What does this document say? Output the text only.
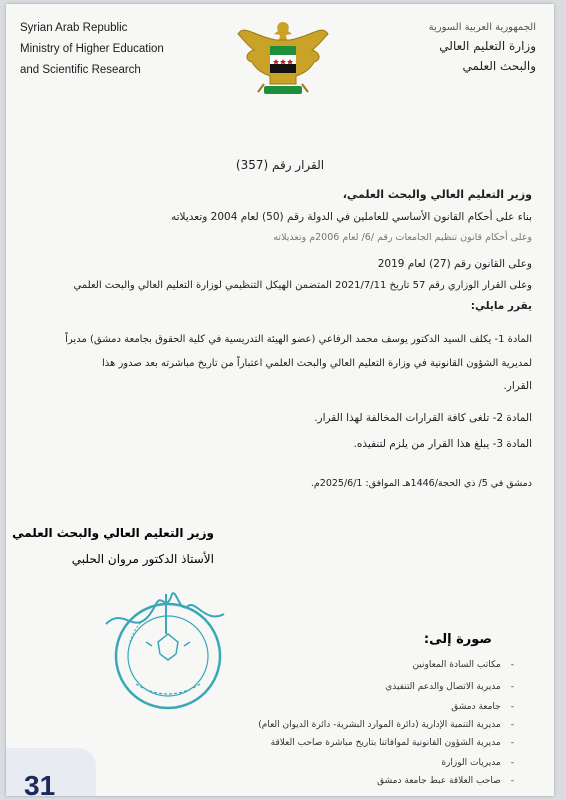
Syrian Arab Republic
Ministry of Higher Education
and Scientific Research
الجمهورية العربية السورية
وزارة التعليم العالي
والبحث العلمي
القرار رقم (357)
وزير التعليم العالي والبحث العلمي،
بناء على أحكام القانون الأساسي للعاملين في الدولة رقم (50) لعام 2004 وتعديلاته
وعلى أحكام قانون تنظيم الجامعات رقم /6/ لعام 2006م وتعديلاته
وعلى القانون رقم (27) لعام 2019
وعلى القرار الوزاري رقم 57 تاريخ 2021/7/11 المتضمن الهيكل التنظيمي لوزارة التعليم العالي والبحث العلمي
يقرر مايلي:
المادة 1- يكلف السيد الدكتور يوسف محمد الرفاعي (عضو الهيئة التدريسية في كلية الحقوق بجامعة دمشق) مديراً
لمديرية الشؤون القانونية في وزارة التعليم العالي والبحث العلمي اعتباراً من تاريخ مباشرته بعد صدور هذا
القرار.
المادة 2- تلغى كافة القرارات المخالفة لهذا القرار.
المادة 3- يبلغ هذا القرار من يلزم لتنفيذه.
دمشق في 5/ ذي الحجة/1446هـ الموافق: 2025/6/1م.
وزير التعليم العالي والبحث العلمي
الأستاذ الدكتور مروان الحلبي
صورة إلى:
- مكاتب السادة المعاونين
- مديرية الاتصال والدعم التنفيذي
- جامعة دمشق
- مديرية التنمية الإدارية (دائرة الموارد البشرية- دائرة الديوان العام)
- مديرية الشؤون القانونية لموافاتنا بتاريخ مباشرة صاحب العلاقة
- مديريات الوزارة
- صاحب العلاقة عبط جامعة دمشق
31
